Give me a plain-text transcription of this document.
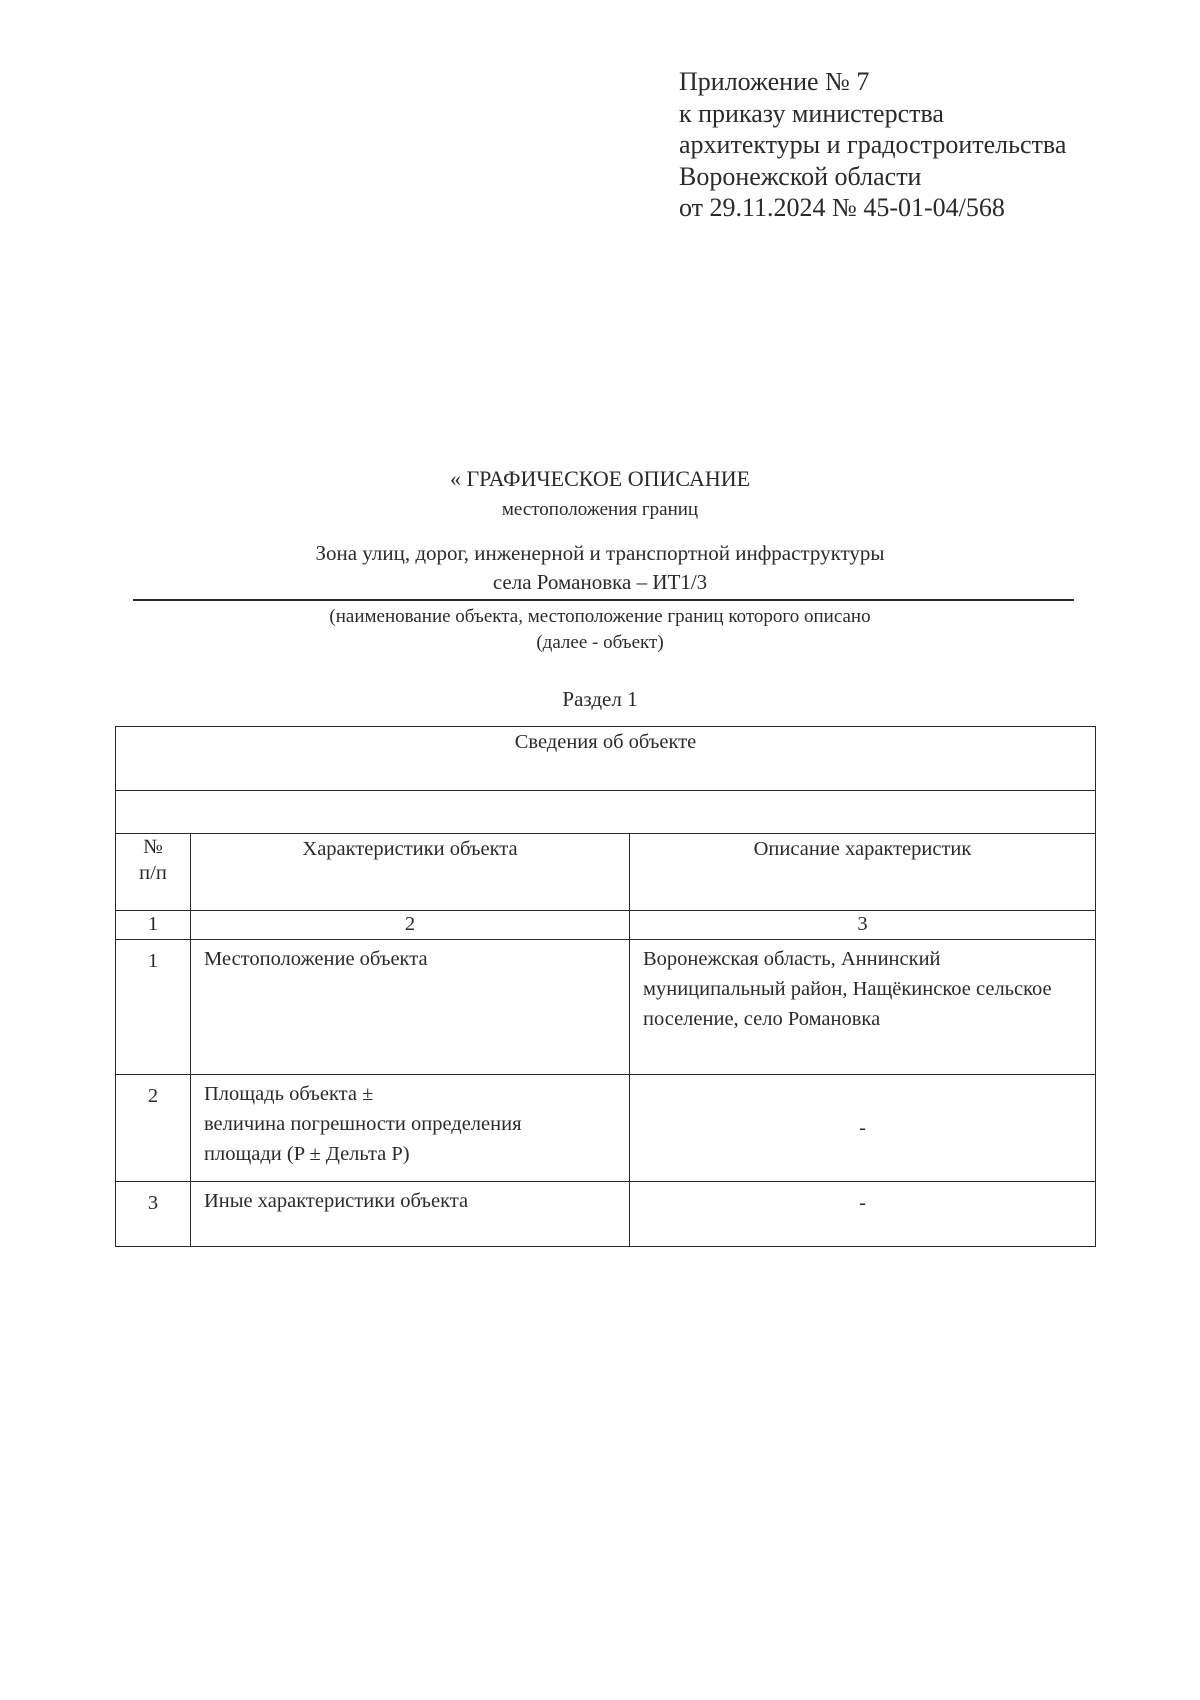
Приложение № 7
к приказу министерства
архитектуры и градостроительства
Воронежской области
от 29.11.2024 № 45-01-04/568
« ГРАФИЧЕСКОЕ ОПИСАНИЕ
местоположения границ
Зона улиц, дорог, инженерной и транспортной инфраструктуры
села Романовка – ИТ1/3
(наименование объекта, местоположение границ которого описано
(далее - объект)
Раздел 1
Сведения об объекте		

№
п/п	Характеристики объекта	Описание характеристик
1	2	3
1	Местоположение объекта	Воронежская область, Аннинский муниципальный район, Нащёкинское сельское поселение, село Романовка
2	Площадь объекта ±
величина погрешности определения
площади (P ± Дельта P)	-
3	Иные характеристики объекта	-
